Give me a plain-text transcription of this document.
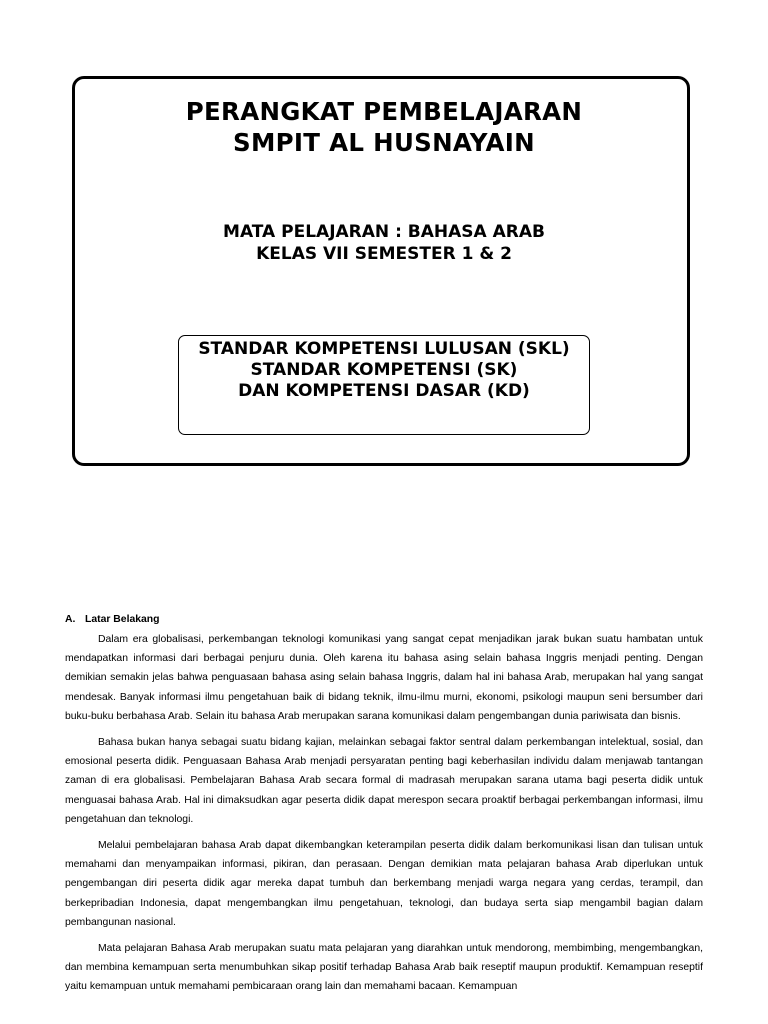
PERANGKAT PEMBELAJARAN
SMPIT AL HUSNAYAIN
MATA PELAJARAN : BAHASA ARAB
KELAS VII SEMESTER 1 & 2
STANDAR KOMPETENSI LULUSAN (SKL)
STANDAR KOMPETENSI (SK)
DAN KOMPETENSI DASAR (KD)
A. Latar Belakang

Dalam era globalisasi, perkembangan teknologi komunikasi yang sangat cepat menjadikan jarak bukan suatu hambatan untuk mendapatkan informasi dari berbagai penjuru dunia. Oleh karena itu bahasa asing selain bahasa Inggris menjadi penting. Dengan demikian semakin jelas bahwa penguasaan bahasa asing selain bahasa Inggris, dalam hal ini bahasa Arab, merupakan hal yang sangat mendesak. Banyak informasi ilmu pengetahuan baik di bidang teknik, ilmu-ilmu murni, ekonomi, psikologi maupun seni bersumber dari buku-buku berbahasa Arab. Selain itu bahasa Arab merupakan sarana komunikasi dalam pengembangan dunia pariwisata dan bisnis.

Bahasa bukan hanya sebagai suatu bidang kajian, melainkan sebagai faktor sentral dalam perkembangan intelektual, sosial, dan emosional peserta didik. Penguasaan Bahasa Arab menjadi persyaratan penting bagi keberhasilan individu dalam menjawab tantangan zaman di era globalisasi. Pembelajaran Bahasa Arab secara formal di madrasah merupakan sarana utama bagi peserta didik untuk menguasai bahasa Arab. Hal ini dimaksudkan agar peserta didik dapat merespon secara proaktif berbagai perkembangan informasi, ilmu pengetahuan dan teknologi.

Melalui pembelajaran bahasa Arab dapat dikembangkan keterampilan peserta didik dalam berkomunikasi lisan dan tulisan untuk memahami dan menyampaikan informasi, pikiran, dan perasaan. Dengan demikian mata pelajaran bahasa Arab diperlukan untuk pengembangan diri peserta didik agar mereka dapat tumbuh dan berkembang menjadi warga negara yang cerdas, terampil, dan berkepribadian Indonesia, dapat mengembangkan ilmu pengetahuan, teknologi, dan budaya serta siap mengambil bagian dalam pembangunan nasional.

Mata pelajaran Bahasa Arab merupakan suatu mata pelajaran yang diarahkan untuk mendorong, membimbing, mengembangkan, dan membina kemampuan serta menumbuhkan sikap positif terhadap Bahasa Arab baik reseptif maupun produktif. Kemampuan reseptif yaitu kemampuan untuk memahami pembicaraan orang lain dan memahami bacaan. Kemampuan
